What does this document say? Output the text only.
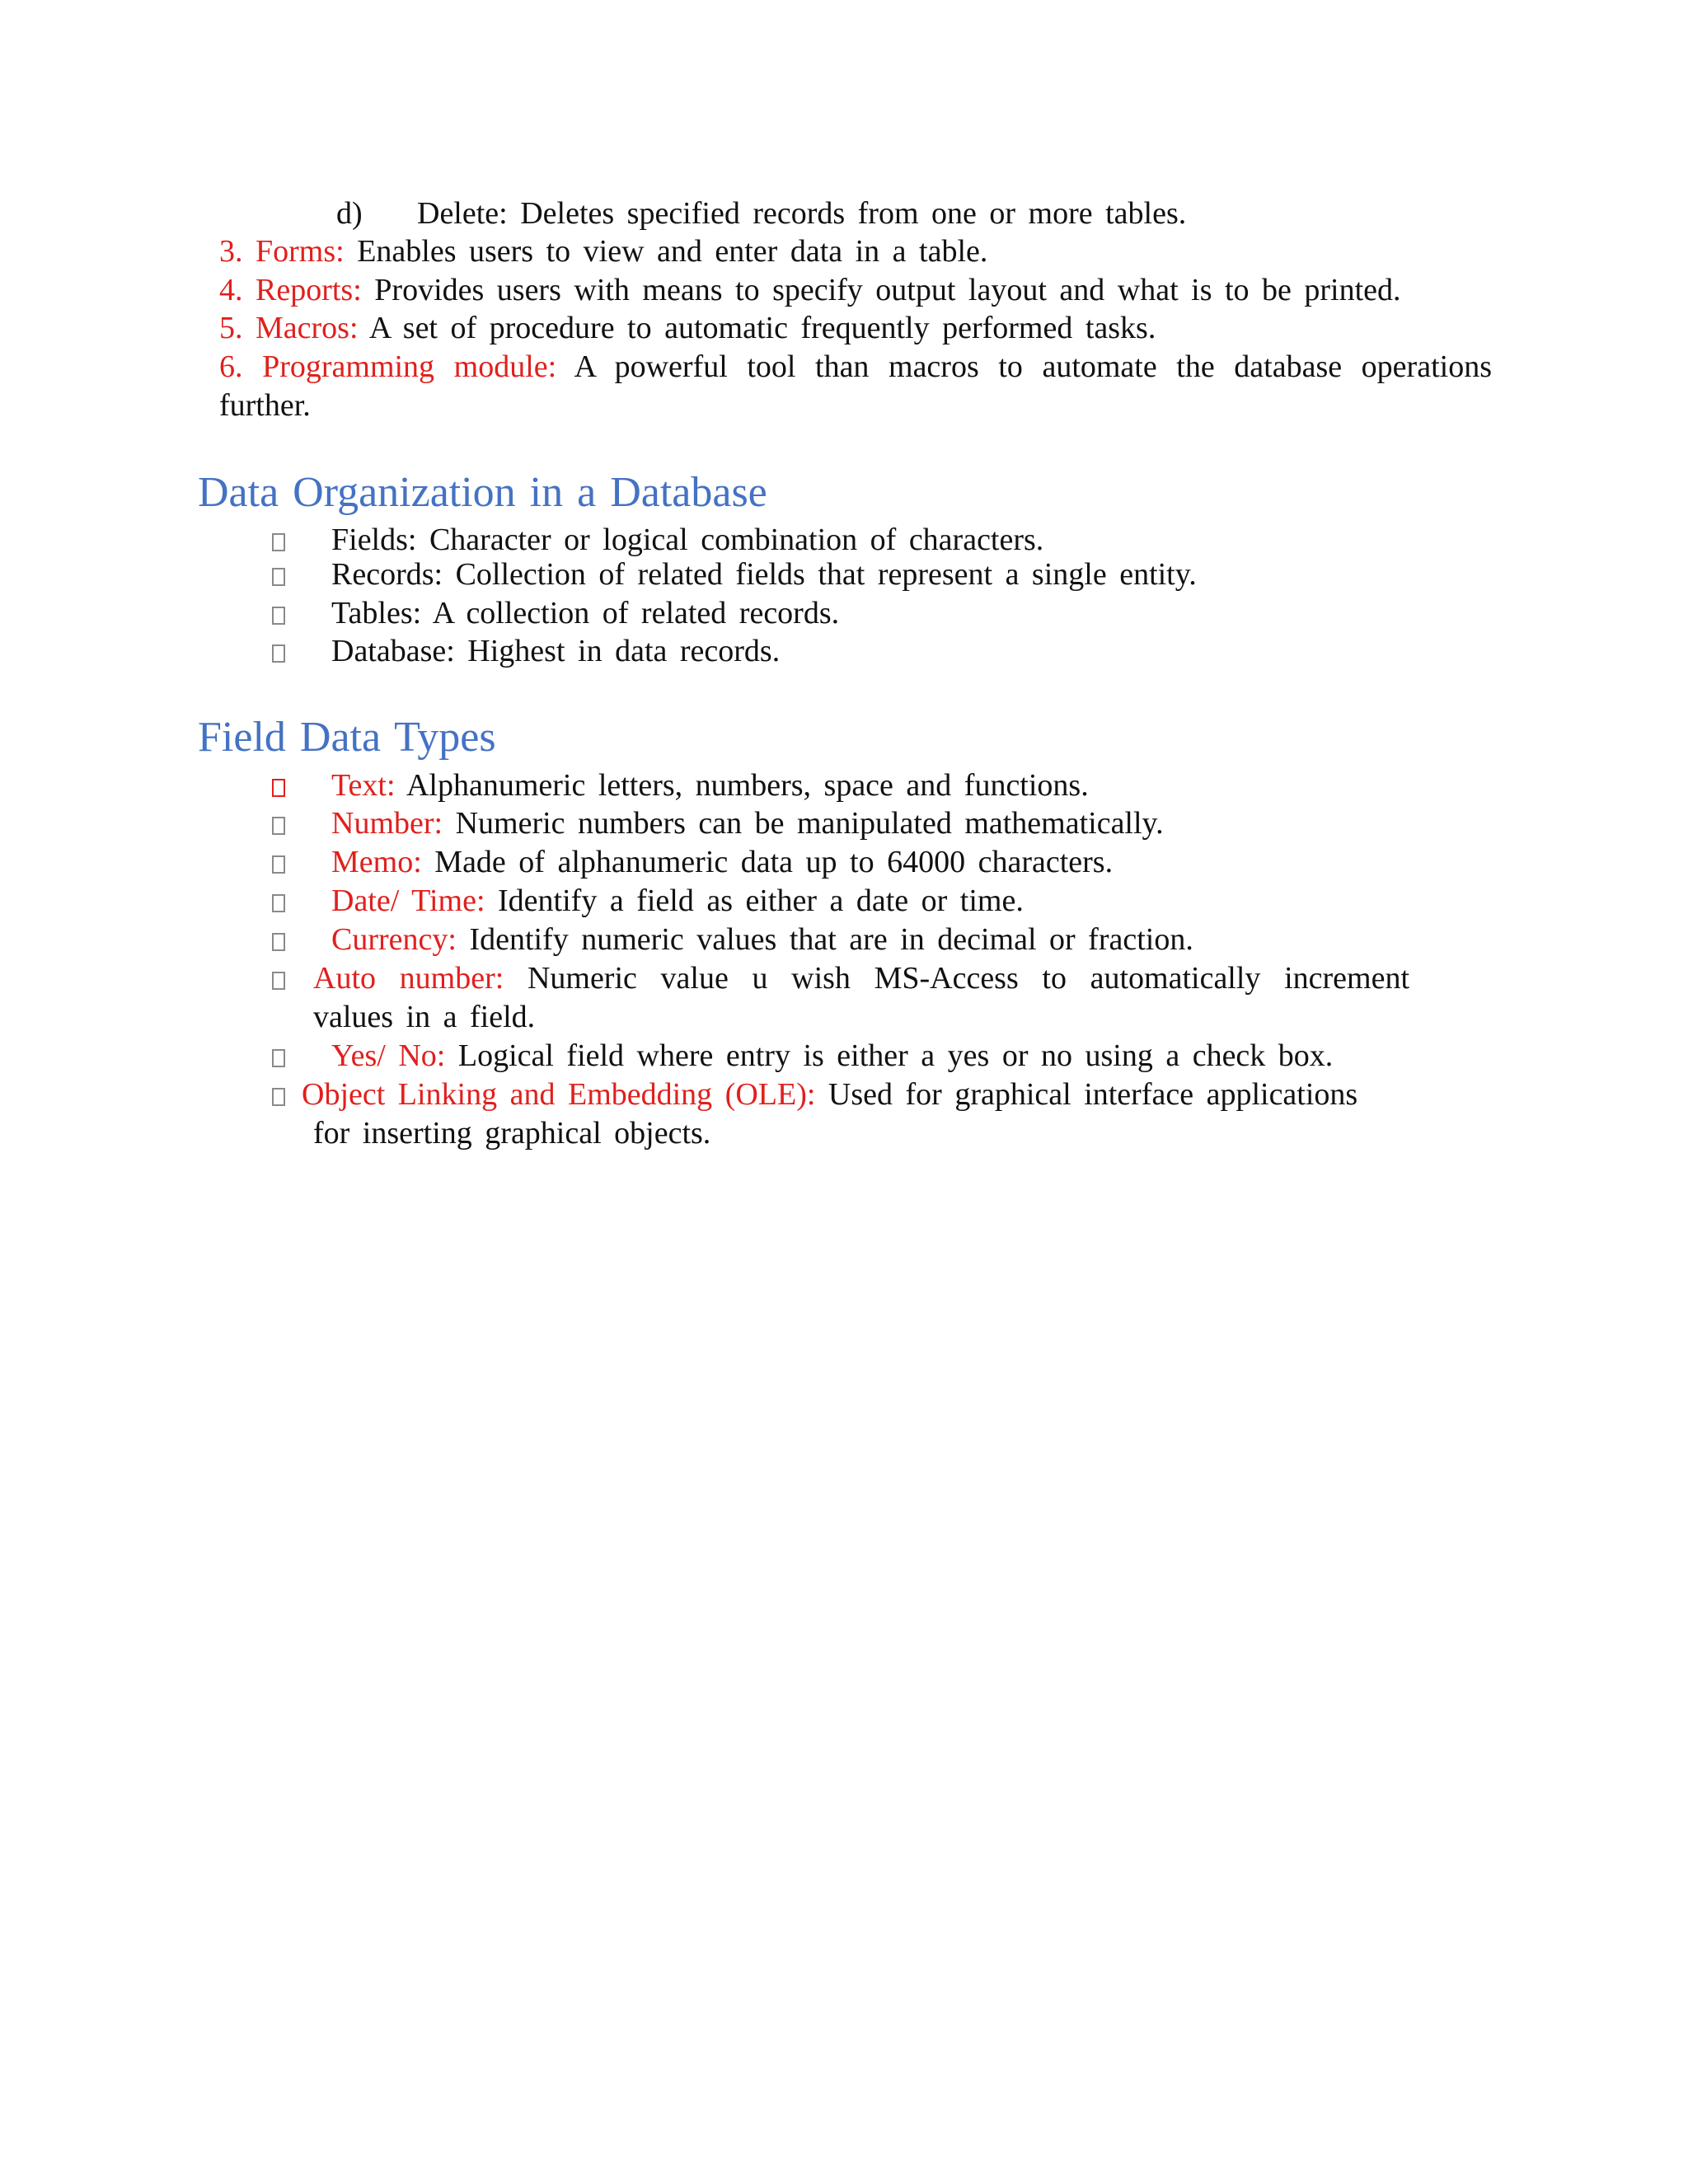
d) Delete: Deletes specified records from one or more tables.
3. Forms: Enables users to view and enter data in a table.
4. Reports: Provides users with means to specify output layout and what is to be printed.
5. Macros: A set of procedure to automatic frequently performed tasks.
6. Programming module: A powerful tool than macros to automate the database operations
further.
Data Organization in a Database
Fields: Character or logical combination of characters.
Records: Collection of related fields that represent a single entity.
Tables: A collection of related records.
Database: Highest in data records.
Field Data Types
Text: Alphanumeric letters, numbers, space and functions.
Number: Numeric numbers can be manipulated mathematically.
Memo: Made of alphanumeric data up to 64000 characters.
Date/ Time: Identify a field as either a date or time.
Currency: Identify numeric values that are in decimal or fraction.
Auto number: Numeric value u wish MS-Access to automatically increment
values in a field.
Yes/ No: Logical field where entry is either a yes or no using a check box.
Object Linking and Embedding (OLE): Used for graphical interface applications
for inserting graphical objects.
